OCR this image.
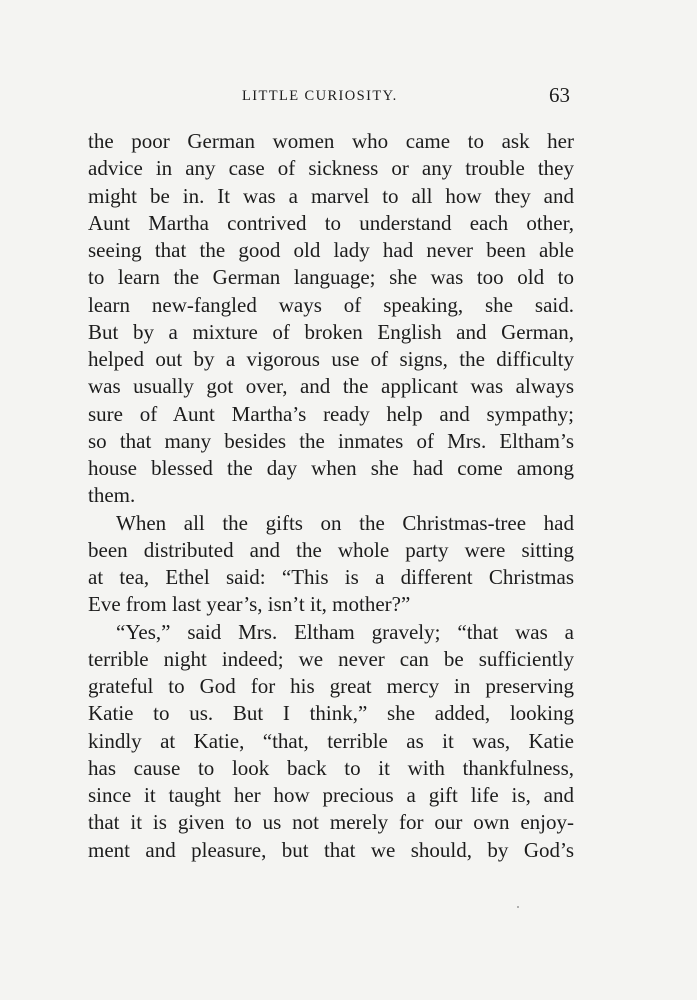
LITTLE CURIOSITY.	63
the poor German women who came to ask her
advice in any case of sickness or any trouble they
might be in. It was a marvel to all how they and
Aunt Martha contrived to understand each other,
seeing that the good old lady had never been able
to learn the German language; she was too old to
learn new-fangled ways of speaking, she said.
But by a mixture of broken English and German,
helped out by a vigorous use of signs, the difficulty
was usually got over, and the applicant was always
sure of Aunt Martha’s ready help and sympathy;
so that many besides the inmates of Mrs. Eltham’s
house blessed the day when she had come among
them.
When all the gifts on the Christmas-tree had
been distributed and the whole party were sitting
at tea, Ethel said: “This is a different Christmas
Eve from last year’s, isn’t it, mother?”
“Yes,” said Mrs. Eltham gravely; “that was a
terrible night indeed; we never can be sufficiently
grateful to God for his great mercy in preserving
Katie to us. But I think,” she added, looking
kindly at Katie, “that, terrible as it was, Katie
has cause to look back to it with thankfulness,
since it taught her how precious a gift life is, and
that it is given to us not merely for our own enjoy-
ment and pleasure, but that we should, by God’s
